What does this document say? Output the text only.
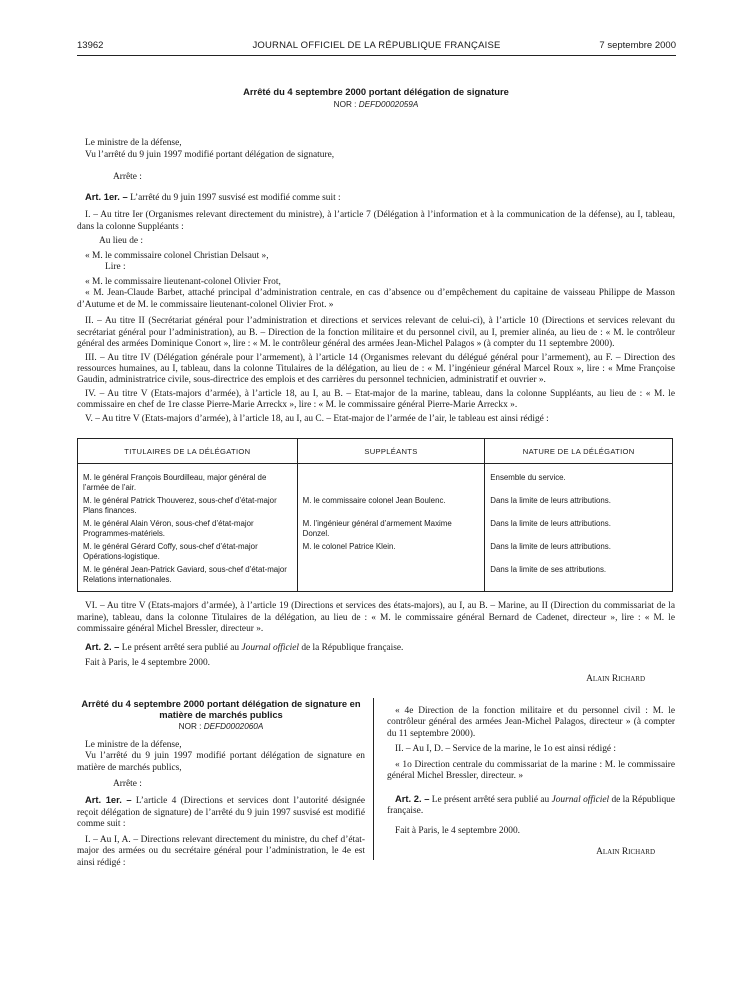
13962	JOURNAL OFFICIEL DE LA RÉPUBLIQUE FRANÇAISE	7 septembre 2000
Arrêté du 4 septembre 2000 portant délégation de signature
NOR : DEFD0002059A

Le ministre de la défense,

Vu l’arrêté du 9 juin 1997 modifié portant délégation de signature,

Arrête :

Art. 1er. – L’arrêté du 9 juin 1997 susvisé est modifié comme suit :

I. – Au titre Ier (Organismes relevant directement du ministre), à l’article 7 (Délégation à l’information et à la communication de la défense), au I, tableau, dans la colonne Suppléants :

Au lieu de :

« M. le commissaire colonel Christian Delsaut »,

Lire :

« M. le commissaire lieutenant-colonel Olivier Frot,

« M. Jean-Claude Barbet, attaché principal d’administration centrale, en cas d’absence ou d’empêchement du capitaine de vaisseau Philippe de Masson d’Autume et de M. le commissaire lieutenant-colonel Olivier Frot. »

II. – Au titre II (Secrétariat général pour l’administration et directions et services relevant de celui-ci), à l’article 10 (Directions et services relevant du secrétariat général pour l’administration), au B. – Direction de la fonction militaire et du personnel civil, au I, premier alinéa, au lieu de : « M. le contrôleur général des armées Dominique Conort », lire : « M. le contrôleur général des armées Jean-Michel Palagos » (à compter du 11 septembre 2000).

III. – Au titre IV (Délégation générale pour l’armement), à l’article 14 (Organismes relevant du délégué général pour l’armement), au F. – Direction des ressources humaines, au I, tableau, dans la colonne Titulaires de la délégation, au lieu de : « M. l’ingénieur général Marcel Roux », lire : « Mme Françoise Gaudin, administratrice civile, sous-directrice des emplois et des carrières du personnel technicien, administratif et ouvrier ».

IV. – Au titre V (Etats-majors d’armée), à l’article 18, au I, au B. – Etat-major de la marine, tableau, dans la colonne Suppléants, au lieu de : « M. le commissaire en chef de 1re classe Pierre-Marie Arreckx », lire : « M. le commissaire général Pierre-Marie Arreckx ».

V. – Au titre V (Etats-majors d’armée), à l’article 18, au I, au C. – Etat-major de l’armée de l’air, le tableau est ainsi rédigé :

TITULAIRES DE LA DÉLÉGATION	SUPPLÉANTS	NATURE DE LA DÉLÉGATION

M. le général François Bourdilleau, major général de l’armée de l’air.		Ensemble du service.
M. le général Patrick Thouverez, sous-chef d’état-major Plans finances.	M. le commissaire colonel Jean Boulenc.	Dans la limite de leurs attributions.
M. le général Alain Véron, sous-chef d’état-major Programmes-matériels.	M. l’ingénieur général d’armement Maxime Donzel.	Dans la limite de leurs attributions.
M. le général Gérard Coffy, sous-chef d’état-major Opérations-logistique.	M. le colonel Patrice Klein.	Dans la limite de leurs attributions.
M. le général Jean-Patrick Gaviard, sous-chef d’état-major Relations internationales.		Dans la limite de ses attributions.

VI. – Au titre V (Etats-majors d’armée), à l’article 19 (Directions et services des états-majors), au I, au B. – Marine, au II (Direction du commissariat de la marine), tableau, dans la colonne Titulaires de la délégation, au lieu de : « M. le commissaire général Bernard de Cadenet, directeur », lire : « M. le commissaire général Michel Bressler, directeur ».

Art. 2. – Le présent arrêté sera publié au Journal officiel de la République française.

Fait à Paris, le 4 septembre 2000.

Alain Richard
Arrêté du 4 septembre 2000 portant délégation de signature en matière de marchés publics
NOR : DEFD0002060A

Le ministre de la défense,

Vu l’arrêté du 9 juin 1997 modifié portant délégation de signature en matière de marchés publics,

Arrête :

Art. 1er. – L’article 4 (Directions et services dont l’autorité désignée reçoit délégation de signature) de l’arrêté du 9 juin 1997 susvisé est modifié comme suit :

I. – Au I, A. – Directions relevant directement du ministre, du chef d’état-major des armées ou du secrétaire général pour l’administration, le 4e est ainsi rédigé :

« 4e Direction de la fonction militaire et du personnel civil : M. le contrôleur général des armées Jean-Michel Palagos, directeur » (à compter du 11 septembre 2000).

II. – Au I, D. – Service de la marine, le 1o est ainsi rédigé :

« 1o Direction centrale du commissariat de la marine : M. le commissaire général Michel Bressler, directeur. »

Art. 2. – Le présent arrêté sera publié au Journal officiel de la République française.

Fait à Paris, le 4 septembre 2000.

Alain Richard
